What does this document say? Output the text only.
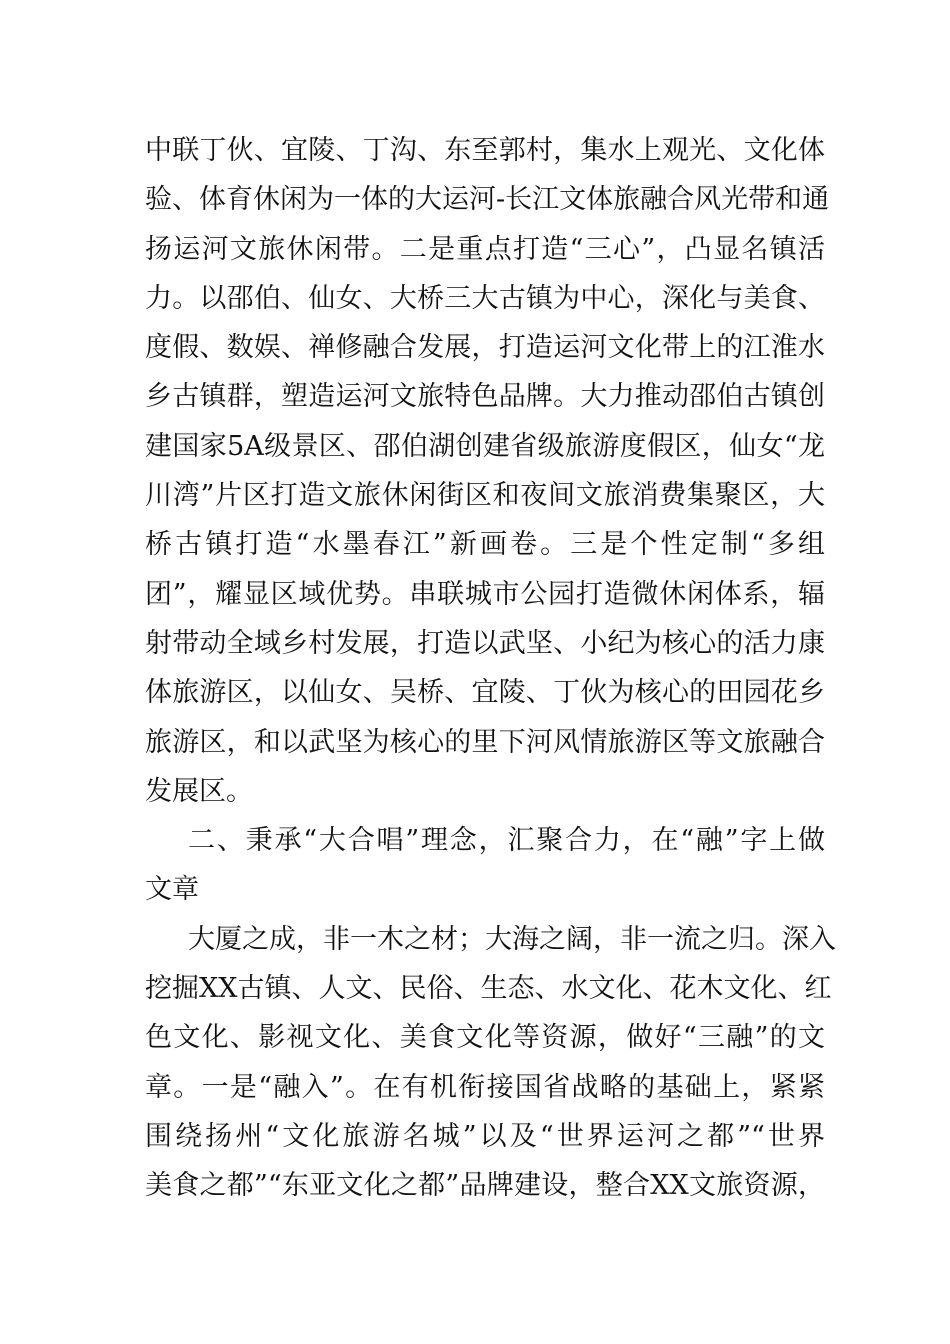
中联丁伙、宜陵、丁沟、东至郭村，集水上观光、文化体
验、体育休闲为一体的大运河-长江文体旅融合风光带和通
扬运河文旅休闲带。二是重点打造“三心”，凸显名镇活
力。以邵伯、仙女、大桥三大古镇为中心，深化与美食、
度假、数娱、禅修融合发展，打造运河文化带上的江淮水
乡古镇群，塑造运河文旅特色品牌。大力推动邵伯古镇创
建国家5A级景区、邵伯湖创建省级旅游度假区，仙女“龙
川湾”片区打造文旅休闲街区和夜间文旅消费集聚区，大
桥古镇打造“水墨春江”新画卷。三是个性定制“多组
团”，耀显区域优势。串联城市公园打造微休闲体系，辐
射带动全域乡村发展，打造以武坚、小纪为核心的活力康
体旅游区，以仙女、吴桥、宜陵、丁伙为核心的田园花乡
旅游区，和以武坚为核心的里下河风情旅游区等文旅融合
发展区。
二、秉承“大合唱”理念，汇聚合力，在“融”字上做
文章
大厦之成，非一木之材；大海之阔，非一流之归。深入
挖掘XX古镇、人文、民俗、生态、水文化、花木文化、红
色文化、影视文化、美食文化等资源，做好“三融”的文
章。一是“融入”。在有机衔接国省战略的基础上，紧紧
围绕扬州“文化旅游名城”以及“世界运河之都”“世界
美食之都”“东亚文化之都”品牌建设，整合XX文旅资源，
